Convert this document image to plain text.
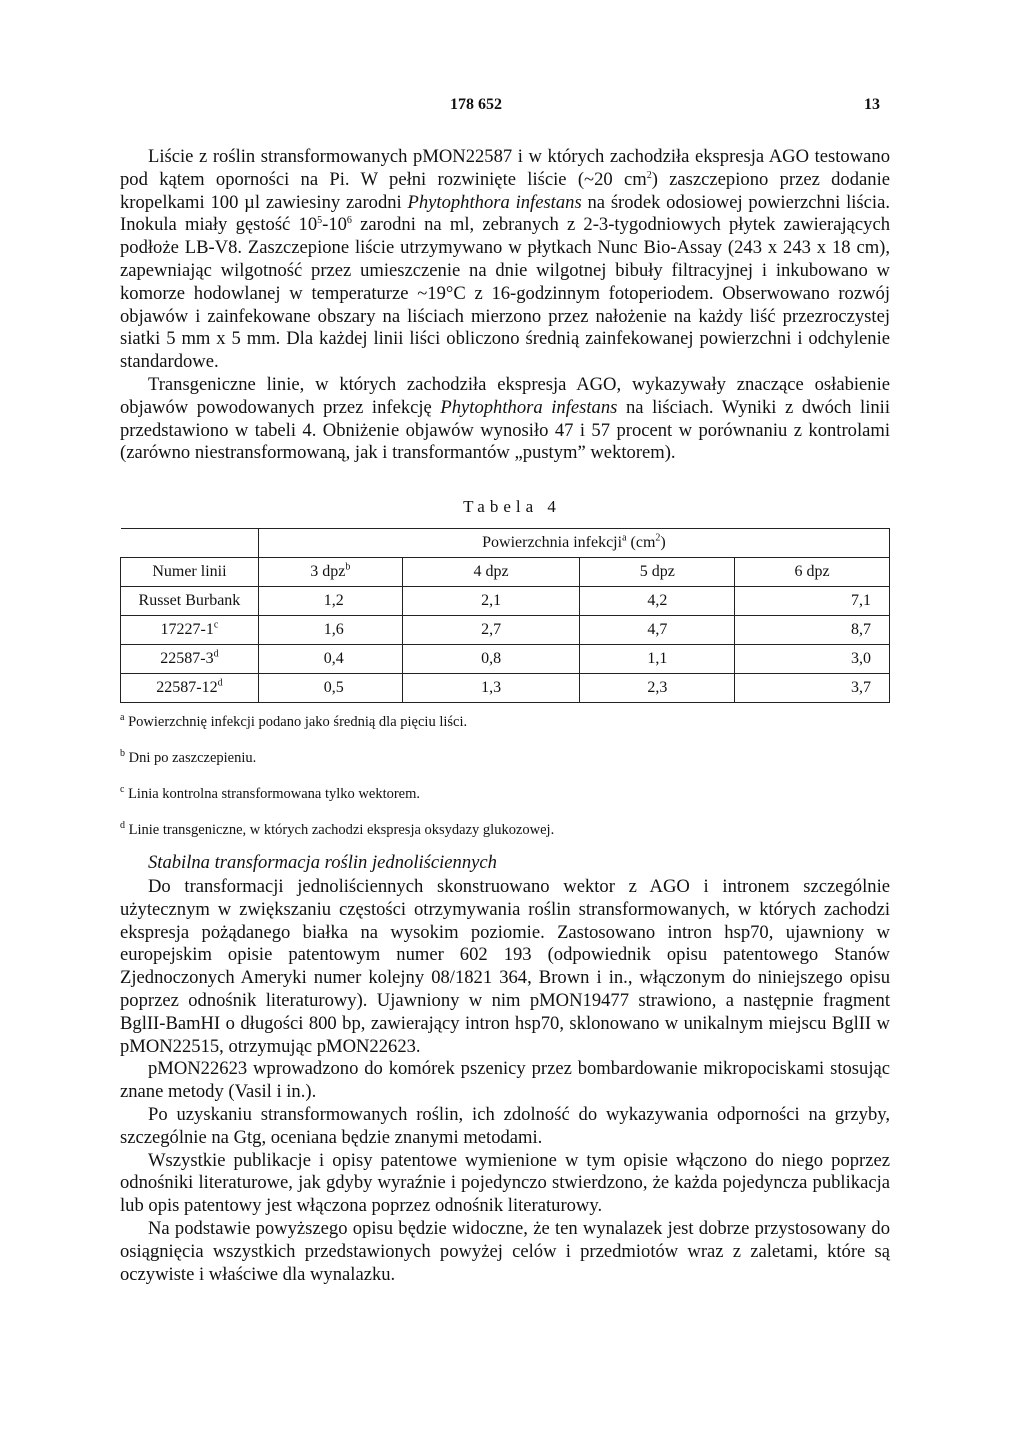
178 652	13

Liście z roślin stransformowanych pMON22587 i w których zachodziła ekspresja AGO testowano pod kątem oporności na Pi. W pełni rozwinięte liście (~20 $cm^2$) zaszczepiono przez dodanie kropelkami 100 µl zawiesiny zarodni Phytophthora infestans na środek odosiowej powierzchni liścia. Inokula miały gęstość $10^5-10^6$ zarodni na ml, zebranych z 2-3-tygodniowych płytek zawierających podłoże LB-V8. Zaszczepione liście utrzymywano w płytkach Nunc Bio-Assay (243 x 243 x 18 cm), zapewniając wilgotność przez umieszczenie na dnie wilgotnej bibuły filtracyjnej i inkubowano w komorze hodowlanej w temperaturze ~19°C z 16-godzinnym fotoperiodem. Obserwowano rozwój objawów i zainfekowane obszary na liściach mierzono przez nałożenie na każdy liść przezroczystej siatki 5 mm x 5 mm. Dla każdej linii liści obliczono średnią zainfekowanej powierzchni i odchylenie standardowe.

Transgeniczne linie, w których zachodziła ekspresja AGO, wykazywały znaczące osłabienie objawów powodowanych przez infekcję Phytophthora infestans na liściach. Wyniki z dwóch linii przedstawiono w tabeli 4. Obniżenie objawów wynosiło 47 i 57 procent w porównaniu z kontrolami (zarówno niestransformowaną, jak i transformantów „pustym” wektorem).

Tabela 4
	Powierzchnia infekcji$^a$ $(cm^2)$			
Numer linii	3 dpz$^b$	4 dpz	5 dpz	6 dpz
Russet Burbank	1,2	2,1	4,2	7,1
17227-1$^c$	1,6	2,7	4,7	8,7
22587-3$^d$	0,4	0,8	1,1	3,0
22587-12$^d$	0,5	1,3	2,3	3,7
$^a$ Powierzchnię infekcji podano jako średnią dla pięciu liści.
$^b$ Dni po zaszczepieniu.
$^c$ Linia kontrolna stransformowana tylko wektorem.
$^d$ Linie transgeniczne, w których zachodzi ekspresja oksydazy glukozowej.
Stabilna transformacja roślin jednoliściennych

Do transformacji jednoliściennych skonstruowano wektor z AGO i intronem szczególnie użytecznym w zwiększaniu częstości otrzymywania roślin stransformowanych, w których zachodzi ekspresja pożądanego białka na wysokim poziomie. Zastosowano intron hsp70, ujawniony w europejskim opisie patentowym numer 602 193 (odpowiednik opisu patentowego Stanów Zjednoczonych Ameryki numer kolejny 08/1821 364, Brown i in., włączonym do niniejszego opisu poprzez odnośnik literaturowy). Ujawniony w nim pMON19477 strawiono, a następnie fragment BglII-BamHI o długości 800 bp, zawierający intron hsp70, sklonowano w unikalnym miejscu BglII w pMON22515, otrzymując pMON22623.

pMON22623 wprowadzono do komórek pszenicy przez bombardowanie mikropociskami stosując znane metody (Vasil i in.).

Po uzyskaniu stransformowanych roślin, ich zdolność do wykazywania odporności na grzyby, szczególnie na Gtg, oceniana będzie znanymi metodami.

Wszystkie publikacje i opisy patentowe wymienione w tym opisie włączono do niego poprzez odnośniki literaturowe, jak gdyby wyraźnie i pojedynczo stwierdzono, że każda pojedyncza publikacja lub opis patentowy jest włączona poprzez odnośnik literaturowy.

Na podstawie powyższego opisu będzie widoczne, że ten wynalazek jest dobrze przystosowany do osiągnięcia wszystkich przedstawionych powyżej celów i przedmiotów wraz z zaletami, które są oczywiste i właściwe dla wynalazku.
